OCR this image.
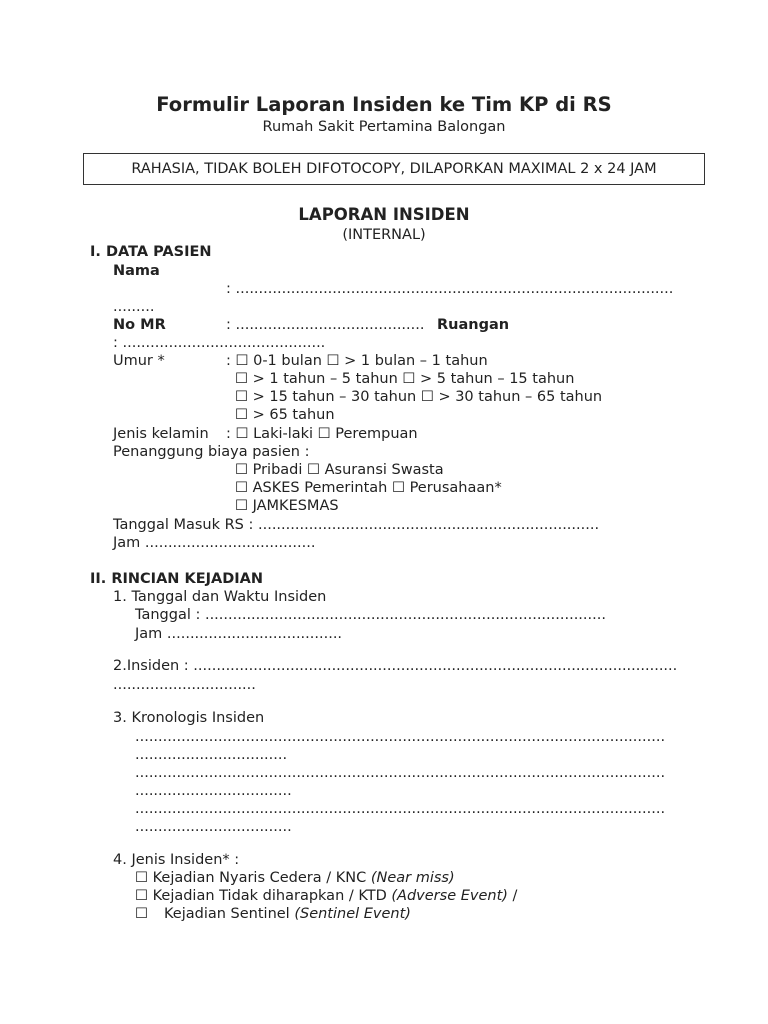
Formulir Laporan Insiden ke Tim KP di RS
Rumah Sakit Pertamina Balongan
RAHASIA, TIDAK BOLEH DIFOTOCOPY, DILAPORKAN MAXIMAL 2 x 24 JAM
LAPORAN INSIDEN
(INTERNAL)
I. DATA PASIEN
Nama
: ...............................................................................................
.........
No MR	: ......................................... Ruangan
: ............................................
Umur *	: ☐ 0-1 bulan ☐ > 1 bulan – 1 tahun
☐ > 1 tahun – 5 tahun ☐ > 5 tahun – 15 tahun
☐ > 15 tahun – 30 tahun ☐ > 30 tahun – 65 tahun
☐ > 65 tahun
Jenis kelamin : ☐ Laki-laki ☐ Perempuan
Penanggung biaya pasien :
☐ Pribadi ☐ Asuransi Swasta
☐ ASKES Pemerintah ☐ Perusahaan*
☐ JAMKESMAS
Tanggal Masuk RS : ..........................................................................
Jam .....................................
II. RINCIAN KEJADIAN
1. Tanggal dan Waktu Insiden
Tanggal : .......................................................................................
Jam ......................................
2.Insiden : .........................................................................................................
...............................
3. Kronologis Insiden
...................................................................................................................
.................................
...................................................................................................................
..................................
...................................................................................................................
..................................
4. Jenis Insiden* :
☐ Kejadian Nyaris Cedera / KNC (Near miss)
☐ Kejadian Tidak diharapkan / KTD (Adverse Event) /
☐ Kejadian Sentinel (Sentinel Event)
